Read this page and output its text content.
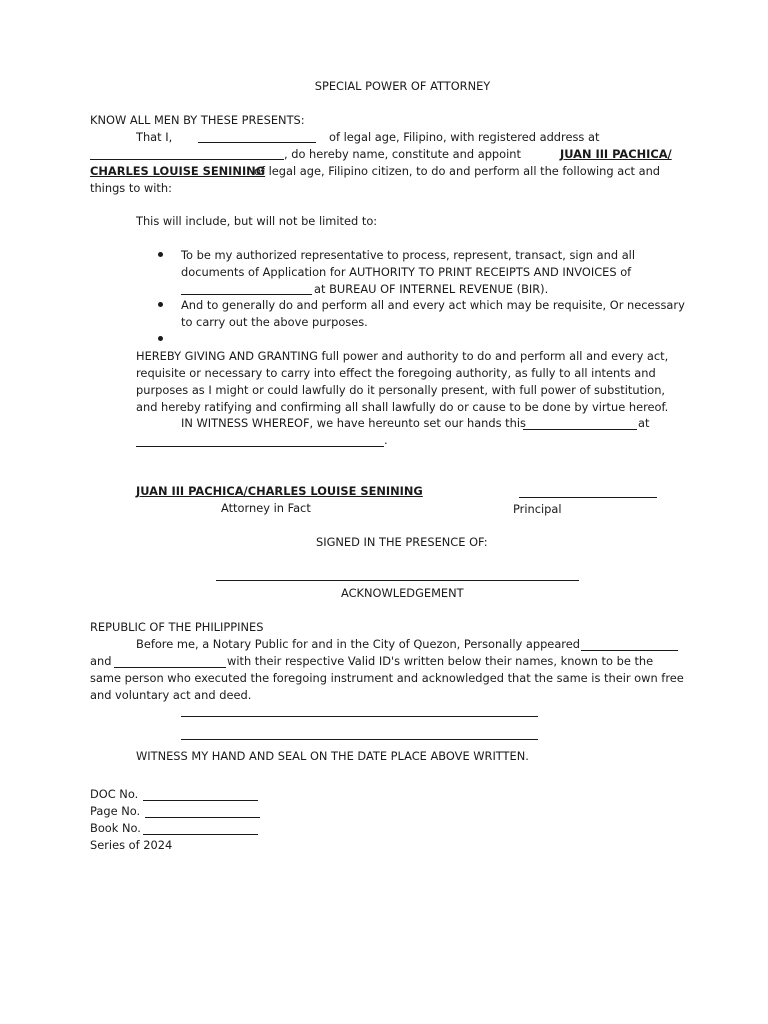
SPECIAL POWER OF ATTORNEY
KNOW ALL MEN BY THESE PRESENTS:
That I,	of legal age, Filipino, with registered address at
, do hereby name, constitute and appoint	JUAN III PACHICA/
CHARLES LOUISE SENINING
of legal age, Filipino citizen, to do and perform all the following act and
things to with:
This will include, but will not be limited to:
To be my authorized representative to process, represent, transact, sign and all
documents of Application for AUTHORITY TO PRINT RECEIPTS AND INVOICES of
at BUREAU OF INTERNEL REVENUE (BIR).
And to generally do and perform all and every act which may be requisite, Or necessary
to carry out the above purposes.
HEREBY GIVING AND GRANTING full power and authority to do and perform all and every act,
requisite or necessary to carry into effect the foregoing authority, as fully to all intents and
purposes as I might or could lawfully do it personally present, with full power of substitution,
and hereby ratifying and confirming all shall lawfully do or cause to be done by virtue hereof.
IN WITNESS WHEREOF, we have hereunto set our hands this	at
.
JUAN III PACHICA/CHARLES LOUISE SENINING
Attorney in Fact	Principal
SIGNED IN THE PRESENCE OF:
ACKNOWLEDGEMENT
REPUBLIC OF THE PHILIPPINES
Before me, a Notary Public for and in the City of Quezon, Personally appeared
and	with their respective Valid ID's written below their names, known to be the
same person who executed the foregoing instrument and acknowledged that the same is their own free
and voluntary act and deed.
WITNESS MY HAND AND SEAL ON THE DATE PLACE ABOVE WRITTEN.
DOC No.
Page No.
Book No.
Series of 2024
